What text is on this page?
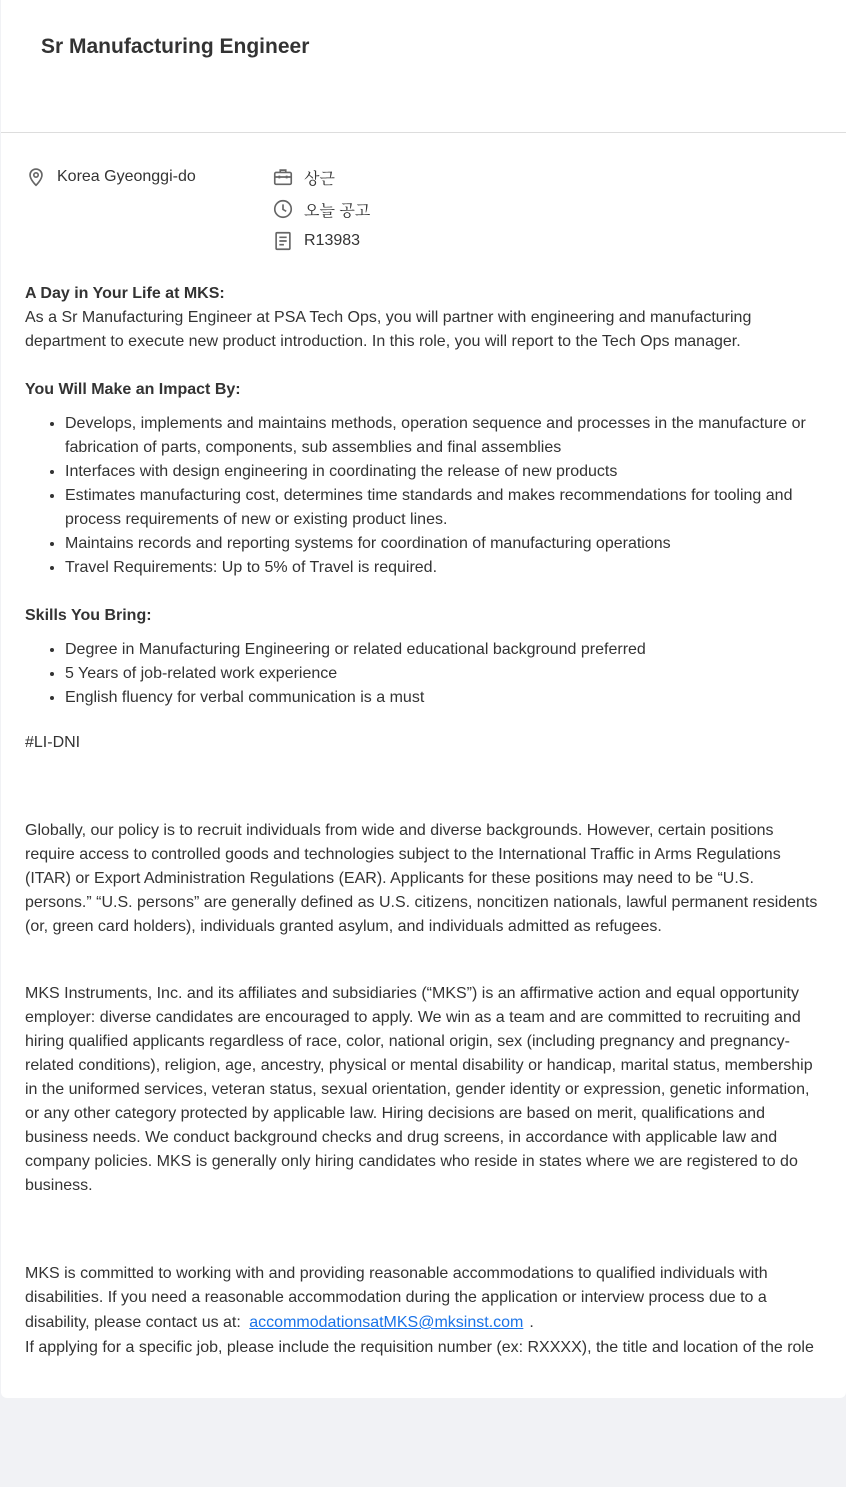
Sr Manufacturing Engineer
Korea Gyeonggi-do	상근
오늘 공고
R13983

A Day in Your Life at MKS:

As a Sr Manufacturing Engineer at PSA Tech Ops, you will partner with engineering and manufacturing department to execute new product introduction. In this role, you will report to the Tech Ops manager.

You Will Make an Impact By:

• Develops, implements and maintains methods, operation sequence and processes in the manufacture or fabrication of parts, components, sub assemblies and final assemblies
• Interfaces with design engineering in coordinating the release of new products
• Estimates manufacturing cost, determines time standards and makes recommendations for tooling and process requirements of new or existing product lines.
• Maintains records and reporting systems for coordination of manufacturing operations
• Travel Requirements: Up to 5% of Travel is required.

Skills You Bring:

• Degree in Manufacturing Engineering or related educational background preferred
• 5 Years of job-related work experience
• English fluency for verbal communication is a must

#LI-DNI

Globally, our policy is to recruit individuals from wide and diverse backgrounds. However, certain positions require access to controlled goods and technologies subject to the International Traffic in Arms Regulations (ITAR) or Export Administration Regulations (EAR). Applicants for these positions may need to be “U.S. persons.” “U.S. persons” are generally defined as U.S. citizens, noncitizen nationals, lawful permanent residents (or, green card holders), individuals granted asylum, and individuals admitted as refugees.

MKS Instruments, Inc. and its affiliates and subsidiaries (“MKS”) is an affirmative action and equal opportunity employer: diverse candidates are encouraged to apply. We win as a team and are committed to recruiting and hiring qualified applicants regardless of race, color, national origin, sex (including pregnancy and pregnancy-related conditions), religion, age, ancestry, physical or mental disability or handicap, marital status, membership in the uniformed services, veteran status, sexual orientation, gender identity or expression, genetic information, or any other category protected by applicable law. Hiring decisions are based on merit, qualifications and business needs. We conduct background checks and drug screens, in accordance with applicable law and company policies. MKS is generally only hiring candidates who reside in states where we are registered to do business.

MKS is committed to working with and providing reasonable accommodations to qualified individuals with disabilities. If you need a reasonable accommodation during the application or interview process due to a disability, please contact us at: accommodationsatMKS@mksinst.com .

If applying for a specific job, please include the requisition number (ex: RXXXX), the title and location of the role
